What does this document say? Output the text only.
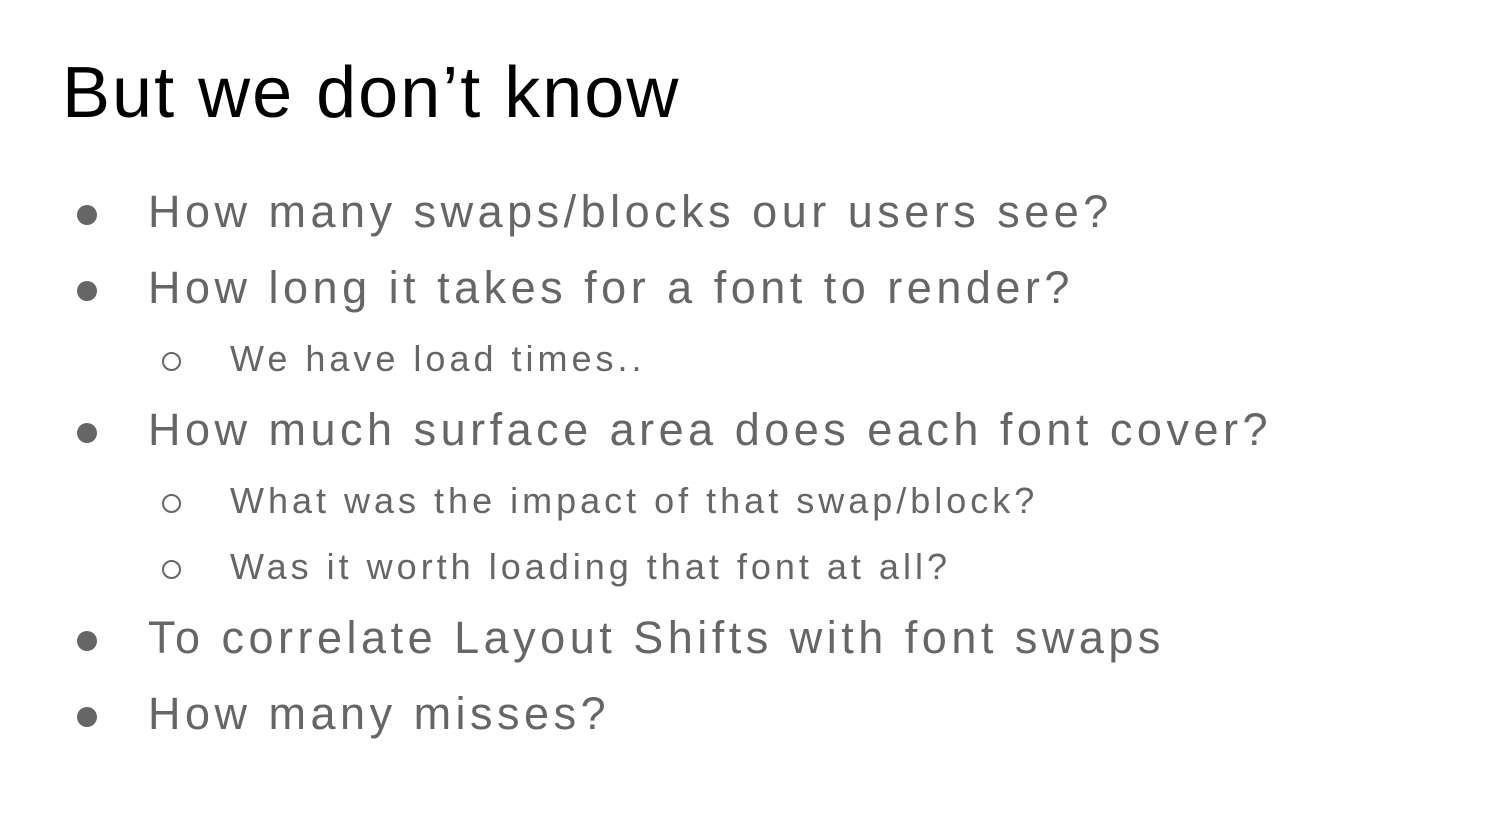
But we don’t know
How many swaps/blocks our users see?
How long it takes for a font to render?
We have load times..
How much surface area does each font cover?
What was the impact of that swap/block?
Was it worth loading that font at all?
To correlate Layout Shifts with font swaps
How many misses?
